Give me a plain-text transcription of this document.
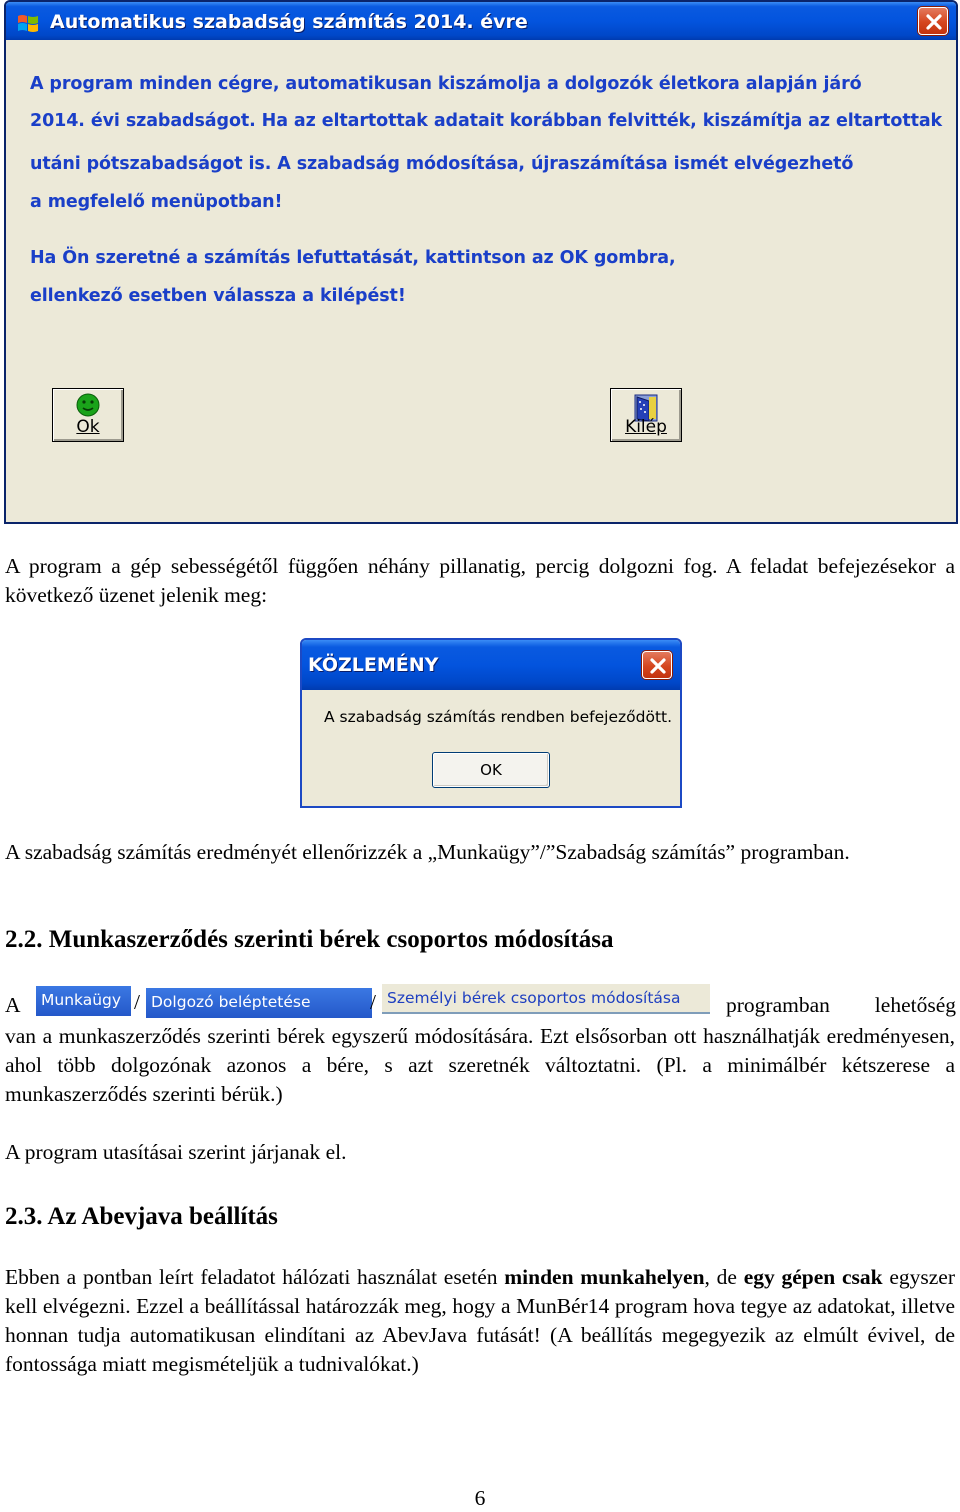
Automatikus szabadság számítás 2014. évre
A program minden cégre, automatikusan kiszámolja a dolgozók életkora alapján járó
2014. évi szabadságot. Ha az eltartottak adatait korábban felvitték, kiszámítja az eltartottak
utáni pótszabadságot is. A szabadság módosítása, újraszámítása ismét elvégezhető
a megfelelő menüpotban!
Ha Ön szeretné a számítás lefuttatását, kattintson az OK gombra,
ellenkező esetben válassza a kilépést!
Ok	Kilép
A program a gép sebességétől függően néhány pillanatig, percig dolgozni fog. A feladat befejezésekor a következő üzenet jelenik meg:
KÖZLEMÉNY
A szabadság számítás rendben befejeződött.
OK
A szabadság számítás eredményét ellenőrizzék a „Munkaügy”/”Szabadság számítás” programban.
2.2. Munkaszerződés szerinti bérek csoportos módosítása
A	Munkaügy / Dolgozó beléptetése	/ Személyi bérek csoportos módosítása	programban lehetőség
van a munkaszerződés szerinti bérek egyszerű módosítására. Ezt elsősorban ott használhatják eredményesen, ahol több dolgozónak azonos a bére, s azt szeretnék változtatni. (Pl. a minimálbér kétszerese a munkaszerződés szerinti bérük.)
A program utasításai szerint járjanak el.
2.3. Az Abevjava beállítás
Ebben a pontban leírt feladatot hálózati használat esetén minden munkahelyen, de egy gépen csak egyszer kell elvégezni. Ezzel a beállítással határozzák meg, hogy a MunBér14 program hova tegye az adatokat, illetve honnan tudja automatikusan elindítani az AbevJava futását! (A beállítás megegyezik az elmúlt évivel, de fontossága miatt megismételjük a tudnivalókat.)
6
